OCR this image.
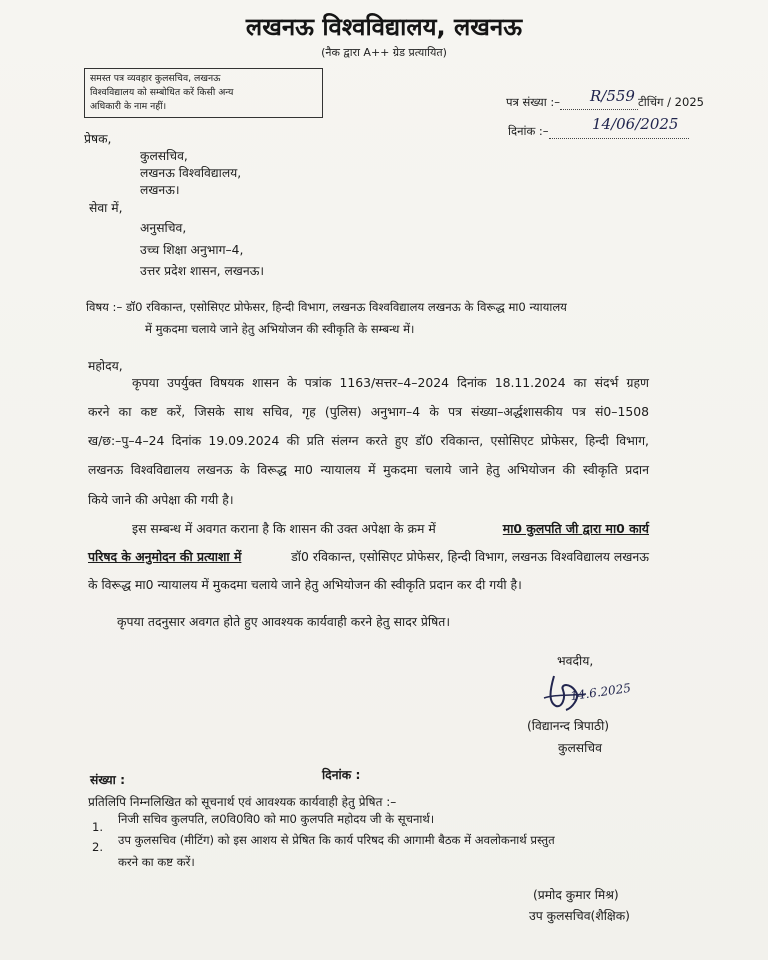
लखनऊ विश्वविद्यालय, लखनऊ
(नैक द्वारा A++ ग्रेड प्रत्यायित)
समस्त पत्र व्यवहार कुलसचिव, लखनऊ
विश्वविद्यालय को सम्बोधित करें किसी अन्य
अधिकारी के नाम नहीं।	पत्र संख्या :–	टीचिंग / 2025
R/559
दिनांक :–	14/06/2025
प्रेषक,
कुलसचिव,
लखनऊ विश्वविद्यालय,
लखनऊ।
सेवा में,
अनुसचिव,
उच्च शिक्षा अनुभाग–4,
उत्तर प्रदेश शासन, लखनऊ।
विषय :– डॉ0 रविकान्त, एसोसिएट प्रोफेसर, हिन्दी विभाग, लखनऊ विश्वविद्यालय लखनऊ के विरूद्ध मा0 न्यायालय
में मुकदमा चलाये जाने हेतु अभियोजन की स्वीकृति के सम्बन्ध में।
महोदय,
कृपया उपर्युक्त विषयक शासन के पत्रांक 1163/सत्तर–4–2024 दिनांक 18.11.2024 का संदर्भ ग्रहण
करने का कष्ट करें, जिसके साथ सचिव, गृह (पुलिस) अनुभाग–4 के पत्र संख्या–अर्द्धशासकीय पत्र सं0–1508
ख/छ:–पु–4–24 दिनांक 19.09.2024 की प्रति संलग्न करते हुए डॉ0 रविकान्त, एसोसिएट प्रोफेसर, हिन्दी विभाग,
लखनऊ विश्वविद्यालय लखनऊ के विरूद्ध मा0 न्यायालय में मुकदमा चलाये जाने हेतु अभियोजन की स्वीकृति प्रदान
किये जाने की अपेक्षा की गयी है।
इस सम्बन्ध में अवगत कराना है कि शासन की उक्त अपेक्षा के क्रम में	मा0 कुलपति जी द्वारा मा0 कार्य
परिषद के अनुमोदन की प्रत्याशा में	डॉ0 रविकान्त, एसोसिएट प्रोफेसर, हिन्दी विभाग, लखनऊ विश्वविद्यालय लखनऊ
के विरूद्ध मा0 न्यायालय में मुकदमा चलाये जाने हेतु अभियोजन की स्वीकृति प्रदान कर दी गयी है।
कृपया तदनुसार अवगत होते हुए आवश्यक कार्यवाही करने हेतु सादर प्रेषित।
भवदीय,
14.6.2025
(विद्यानन्द त्रिपाठी)
कुलसचिव
संख्या :	दिनांक :
प्रतिलिपि निम्नलिखित को सूचनार्थ एवं आवश्यक कार्यवाही हेतु प्रेषित :–
1.
निजी सचिव कुलपति, ल0वि0वि0 को मा0 कुलपति महोदय जी के सूचनार्थ।
2. उप कुलसचिव (मीटिंग) को इस आशय से प्रेषित कि कार्य परिषद की आगामी बैठक में अवलोकनार्थ प्रस्तुत
करने का कष्ट करें।
(प्रमोद कुमार मिश्र)
उप कुलसचिव(शैक्षिक)
